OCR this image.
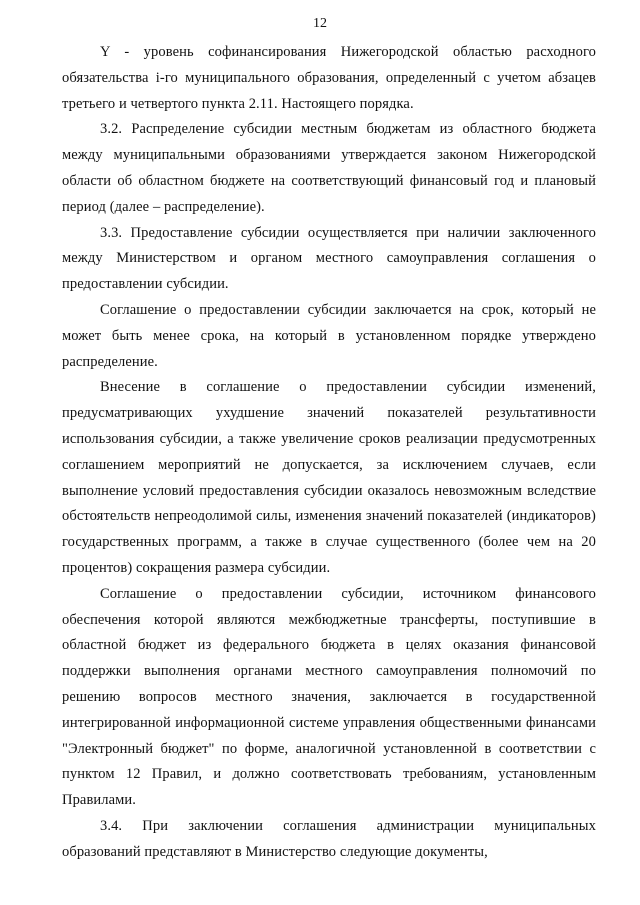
12

Y - уровень софинансирования Нижегородской областью расходного обязательства i-го муниципального образования, определенный с учетом абзацев третьего и четвертого пункта 2.11. Настоящего порядка.

3.2. Распределение субсидии местным бюджетам из областного бюджета между муниципальными образованиями утверждается законом Нижегородской области об областном бюджете на соответствующий финансовый год и плановый период (далее – распределение).

3.3. Предоставление субсидии осуществляется при наличии заключенного между Министерством и органом местного самоуправления соглашения о предоставлении субсидии.

Соглашение о предоставлении субсидии заключается на срок, который не может быть менее срока, на который в установленном порядке утверждено распределение.

Внесение в соглашение о предоставлении субсидии изменений, предусматривающих ухудшение значений показателей результативности использования субсидии, а также увеличение сроков реализации предусмотренных соглашением мероприятий не допускается, за исключением случаев, если выполнение условий предоставления субсидии оказалось невозможным вследствие обстоятельств непреодолимой силы, изменения значений показателей (индикаторов) государственных программ, а также в случае существенного (более чем на 20 процентов) сокращения размера субсидии.

Соглашение о предоставлении субсидии, источником финансового обеспечения которой являются межбюджетные трансферты, поступившие в областной бюджет из федерального бюджета в целях оказания финансовой поддержки выполнения органами местного самоуправления полномочий по решению вопросов местного значения, заключается в государственной интегрированной информационной системе управления общественными финансами "Электронный бюджет" по форме, аналогичной установленной в соответствии с пунктом 12 Правил, и должно соответствовать требованиям, установленным Правилами.

3.4. При заключении соглашения администрации муниципальных образований представляют в Министерство следующие документы,
